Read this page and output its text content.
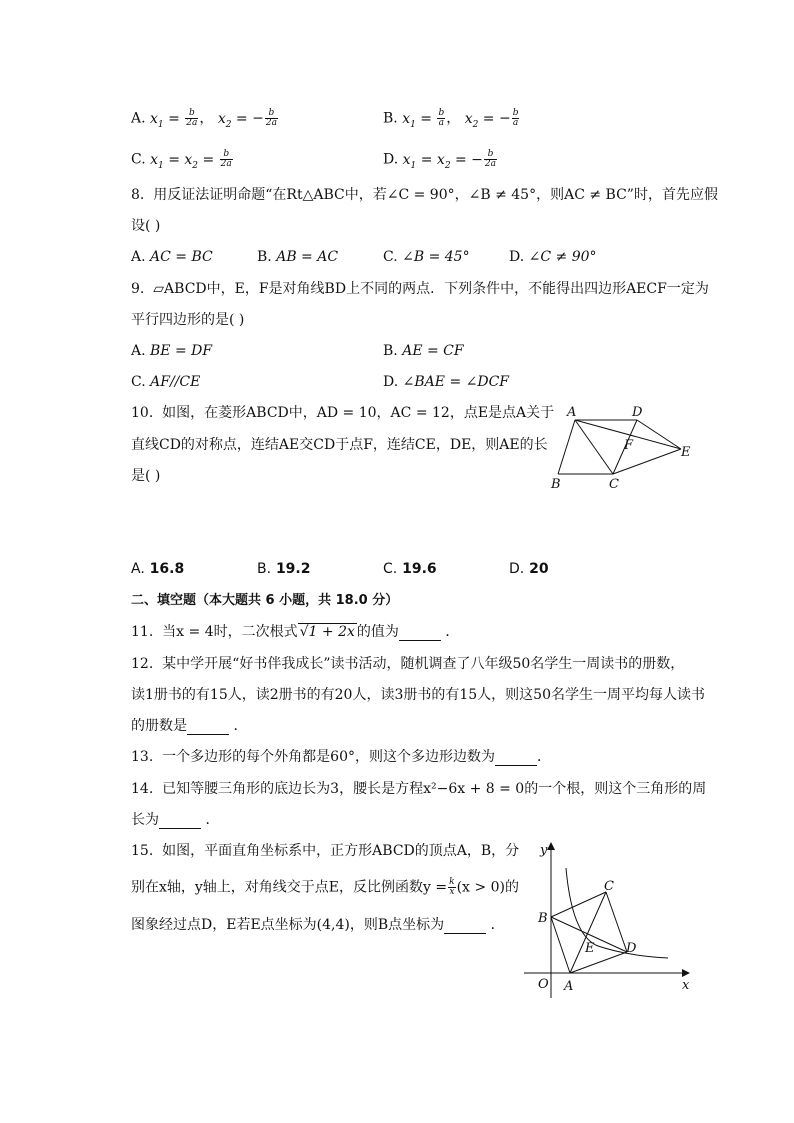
A. $x_1 = \frac{b}{2a}$ ， $x_2$ = − $\frac{b}{2a}$	B. $x_1 = \frac{b}{a}$ ， $x_2$ = − $\frac{b}{a}$
C. $x_1 = x_2 = \frac{b}{2a}$	D. $x_1 = x_2$ = − $\frac{b}{2a}$
8. 用反证法证明命题“在Rt△ABC中，若∠C = 90°，∠B ≠ 45°，则AC ≠ BC”时，首先应假
设( )
A. AC = BC	B. AB = AC	C. ∠B = 45°	D. ∠C ≠ 90°
9. ▱ABCD中，E，F是对角线BD上不同的两点．下列条件中，不能得出四边形AECF一定为
平行四边形的是( )
A. BE = DF	B. AE = CF
C. AF//CE	D. ∠BAE = ∠DCF
10. 如图，在菱形ABCD中，AD = 10，AC = 12，点E是点A关于
直线CD的对称点，连结AE交CD于点F，连结CE，DE，则AE的长
是( )
A	D
F	E
B	C
A. 16.8	B. 19.2	C. 19.6	D. 20
二、填空题（本大题共 6 小题，共 18.0 分）
11. 当x = 4时，二次根式 √1 + 2x 的值为	．
12. 某中学开展“好书伴我成长”读书活动，随机调查了八年级50名学生一周读书的册数，
读1册书的有15人，读2册书的有20人，读3册书的有15人，则这50名学生一周平均每人读书
的册数是	．
13. 一个多边形的每个外角都是60°，则这个多边形边数为	．
14. 已知等腰三角形的底边长为3，腰长是方程x²−6x + 8 = 0的一个根，则这个三角形的周
长为	．
15. 如图，平面直角坐标系中，正方形ABCD的顶点A，B，分
别在x轴，y轴上，对角线交于点E，反比例函数$y = \frac{k}{x} (x > 0)$的
图象经过点D，E若E点坐标为(4,4)，则B点坐标为	．
y
x
O A
B
C
D
E
